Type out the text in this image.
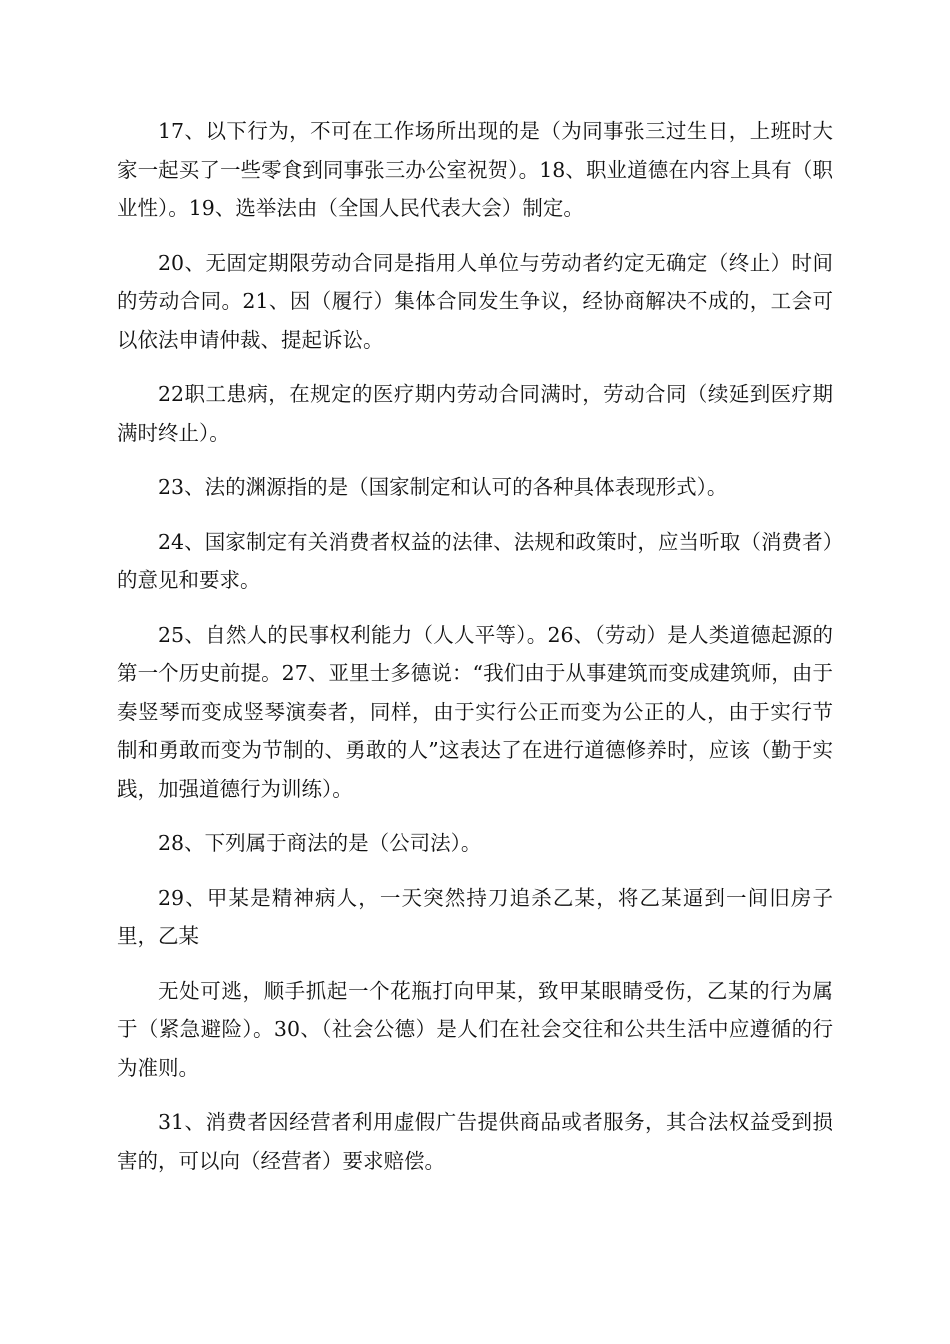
17、以下行为，不可在工作场所出现的是（为同事张三过生日，上班时大家一起买了一些零食到同事张三办公室祝贺）。18、职业道德在内容上具有（职业性）。19、选举法由（全国人民代表大会）制定。

20、无固定期限劳动合同是指用人单位与劳动者约定无确定（终止）时间的劳动合同。21、因（履行）集体合同发生争议，经协商解决不成的，工会可以依法申请仲裁、提起诉讼。

22职工患病，在规定的医疗期内劳动合同满时，劳动合同（续延到医疗期满时终止）。

23、法的渊源指的是（国家制定和认可的各种具体表现形式）。

24、国家制定有关消费者权益的法律、法规和政策时，应当听取（消费者）的意见和要求。

25、自然人的民事权利能力（人人平等）。26、（劳动）是人类道德起源的第一个历史前提。27、亚里士多德说：“我们由于从事建筑而变成建筑师，由于奏竖琴而变成竖琴演奏者，同样，由于实行公正而变为公正的人，由于实行节制和勇敢而变为节制的、勇敢的人”这表达了在进行道德修养时，应该（勤于实践，加强道德行为训练）。

28、下列属于商法的是（公司法）。

29、甲某是精神病人，一天突然持刀追杀乙某，将乙某逼到一间旧房子里，乙某

无处可逃，顺手抓起一个花瓶打向甲某，致甲某眼睛受伤，乙某的行为属于（紧急避险）。30、（社会公德）是人们在社会交往和公共生活中应遵循的行为准则。

31、消费者因经营者利用虚假广告提供商品或者服务，其合法权益受到损害的，可以向（经营者）要求赔偿。
